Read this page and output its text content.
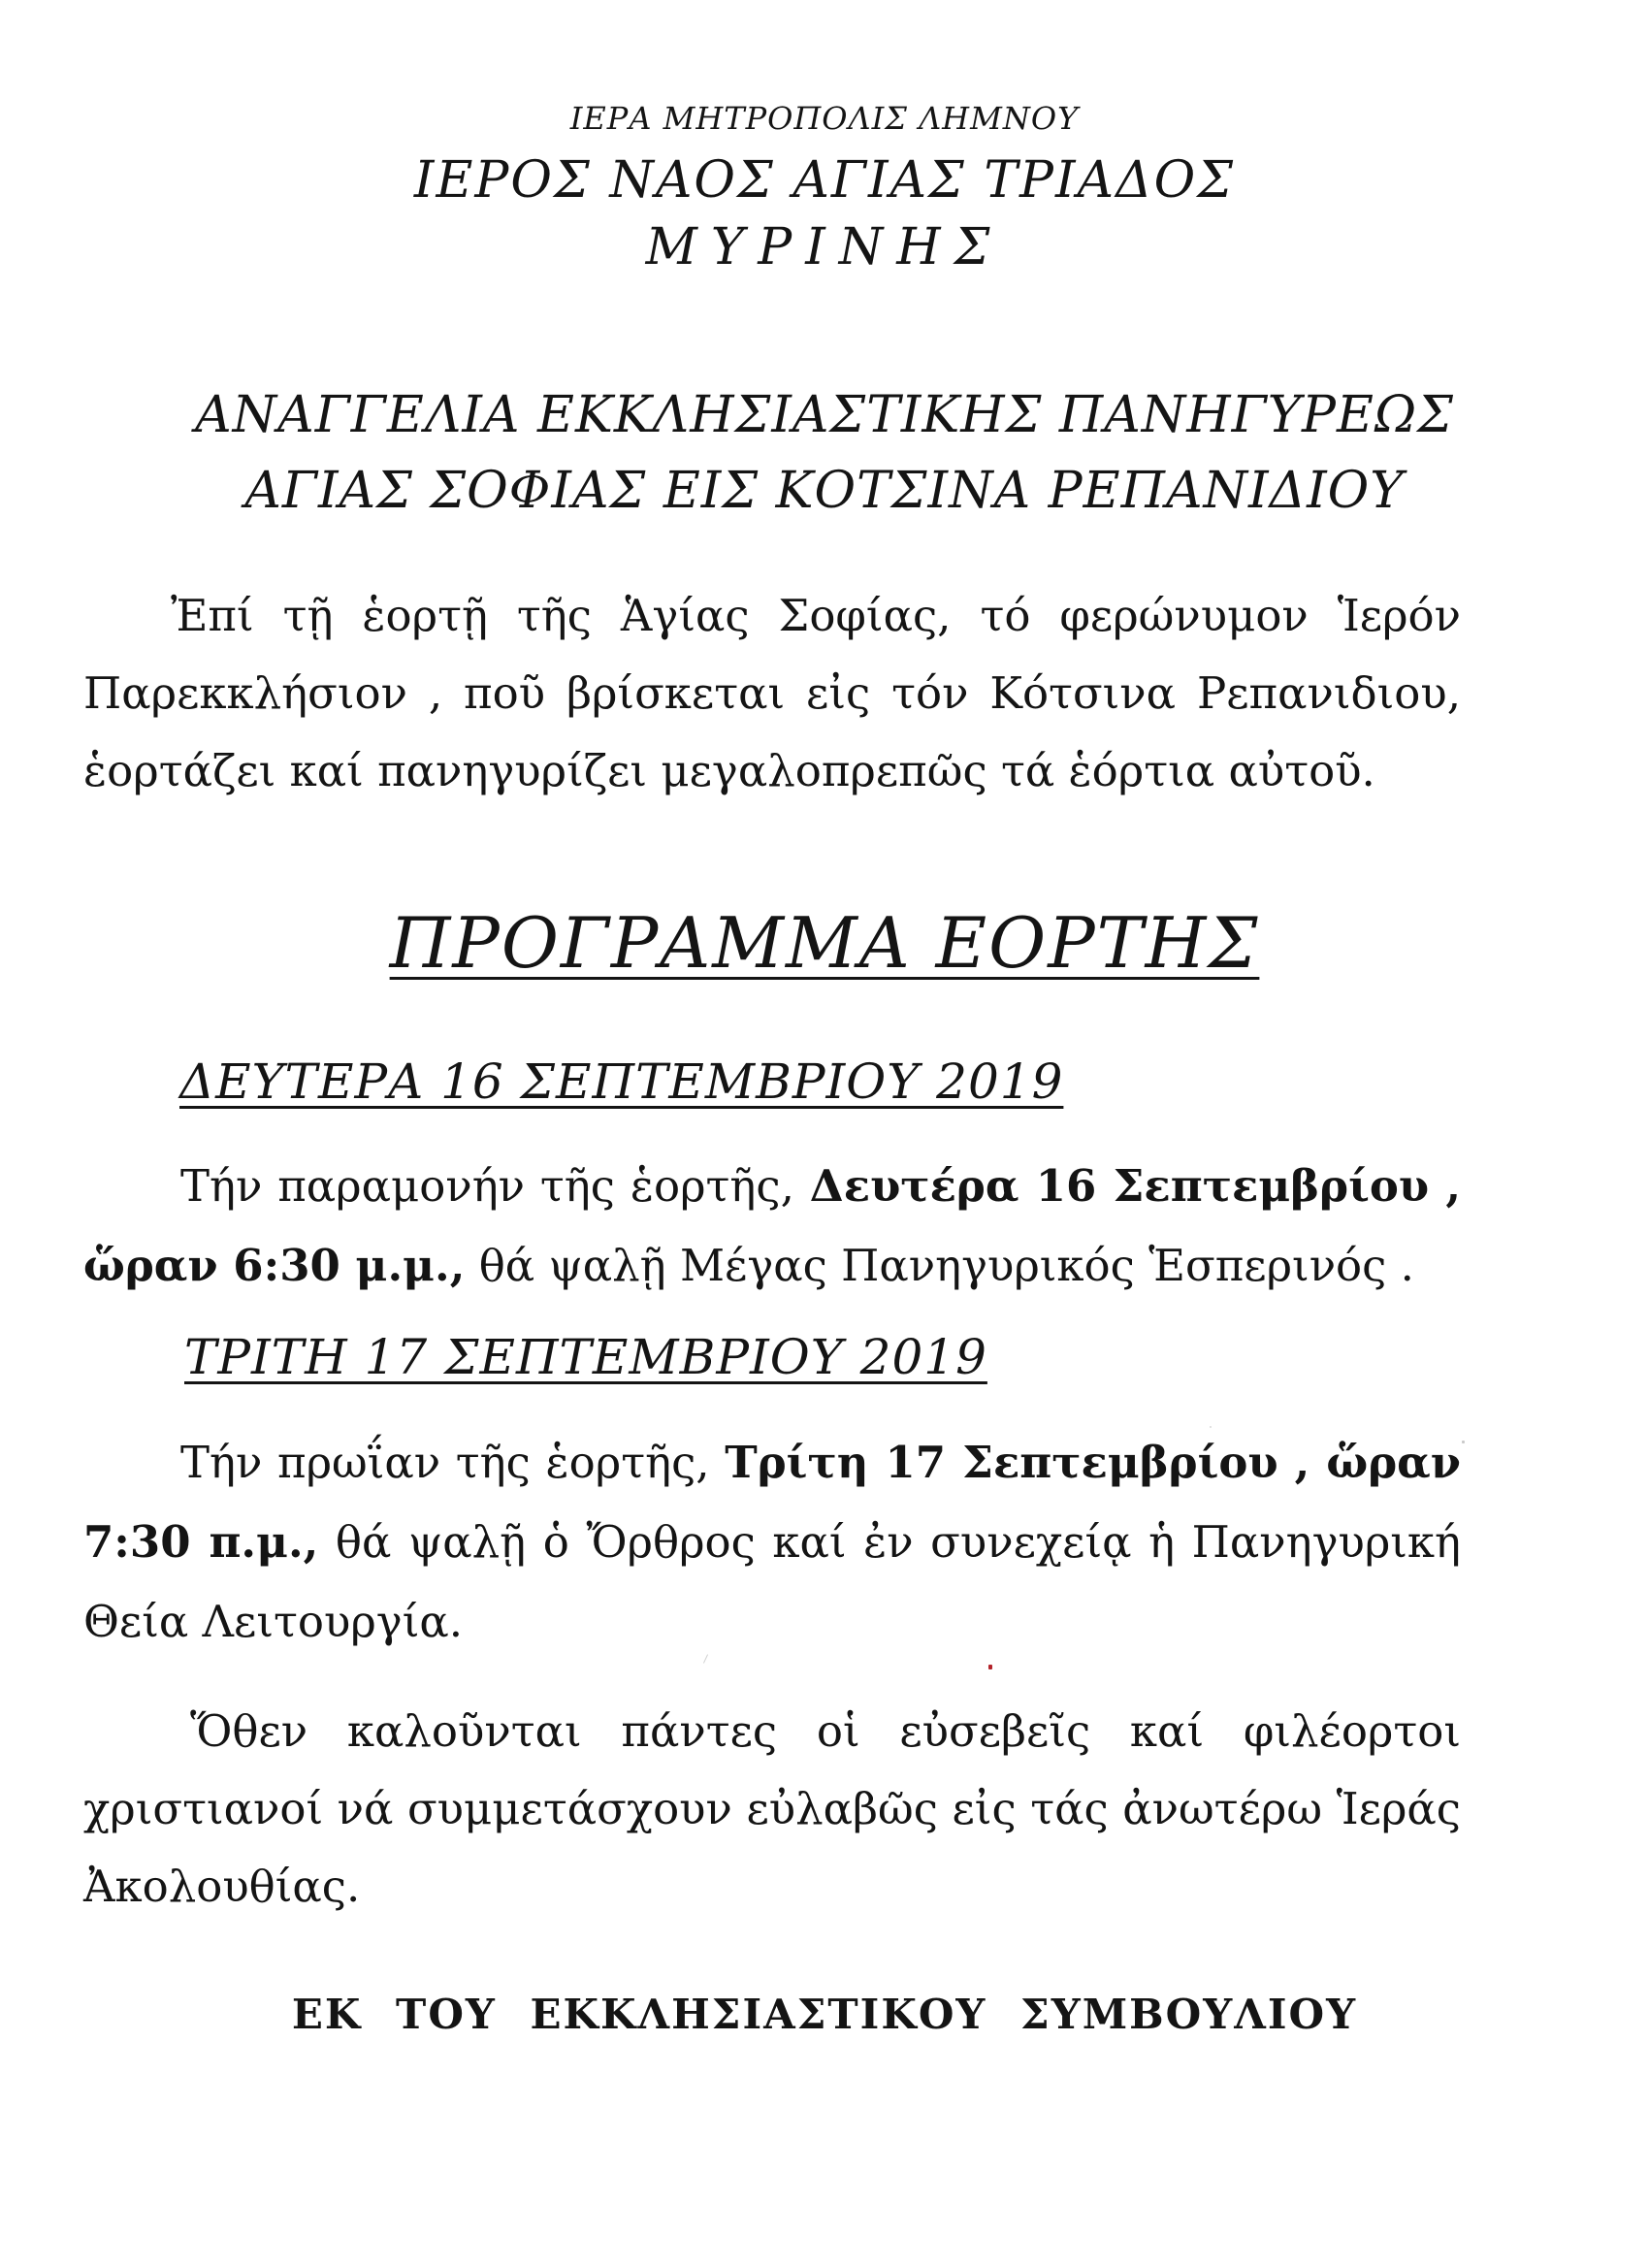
ΙΕΡΑ ΜΗΤΡΟΠΟΛΙΣ ΛΗΜΝΟΥ
ΙΕΡΟΣ ΝΑΟΣ ΑΓΙΑΣ ΤΡΙΑΔΟΣ
ΜΥΡΙΝΗΣ
ΑΝΑΓΓΕΛΙΑ ΕΚΚΛΗΣΙΑΣΤΙΚΗΣ ΠΑΝΗΓΥΡΕΩΣ
ΑΓΙΑΣ ΣΟΦΙΑΣ ΕΙΣ ΚΟΤΣΙΝΑ ΡΕΠΑΝΙΔΙΟΥ

Ἐπί τῇ ἑορτῇ τῆς Ἁγίας Σοφίας, τό φερώνυμον Ἱερόν Παρεκκλήσιον , ποῦ βρίσκεται εἰς τόν Κότσινα Ρεπανιδιου, ἑορτάζει καί πανηγυρίζει μεγαλοπρεπῶς τά ἑόρτια αὐτοῦ.

ΠΡΟΓΡΑΜΜΑ ΕΟΡΤΗΣ
ΔΕΥΤΕΡΑ 16 ΣΕΠΤΕΜΒΡΙΟΥ 2019

Τήν παραμονήν τῆς ἑορτῆς, Δευτέρα 16 Σεπτεμβρίου , ὥραν 6:30 μ.μ., θά ψαλῇ Μέγας Πανηγυρικός Ἑσπερινός .

ΤΡΙΤΗ 17 ΣΕΠΤΕΜΒΡΙΟΥ 2019

Τήν πρωΐαν τῆς ἑορτῆς, Τρίτη 17 Σεπτεμβρίου , ὥραν 7:30 π.μ., θά ψαλῇ ὁ Ὄρθρος καί ἐν συνεχείᾳ ἡ Πανηγυρική Θεία Λειτουργία.

Ὅθεν καλοῦνται πάντες οἱ εὐσεβεῖς καί φιλέορτοι χριστιανοί νά συμμετάσχουν εὐλαβῶς εἰς τάς ἀνωτέρω Ἱεράς Ἀκολουθίας.

ΕΚ ΤΟΥ ΕΚΚΛΗΣΙΑΣΤΙΚΟΥ ΣΥΜΒΟΥΛΙΟΥ
